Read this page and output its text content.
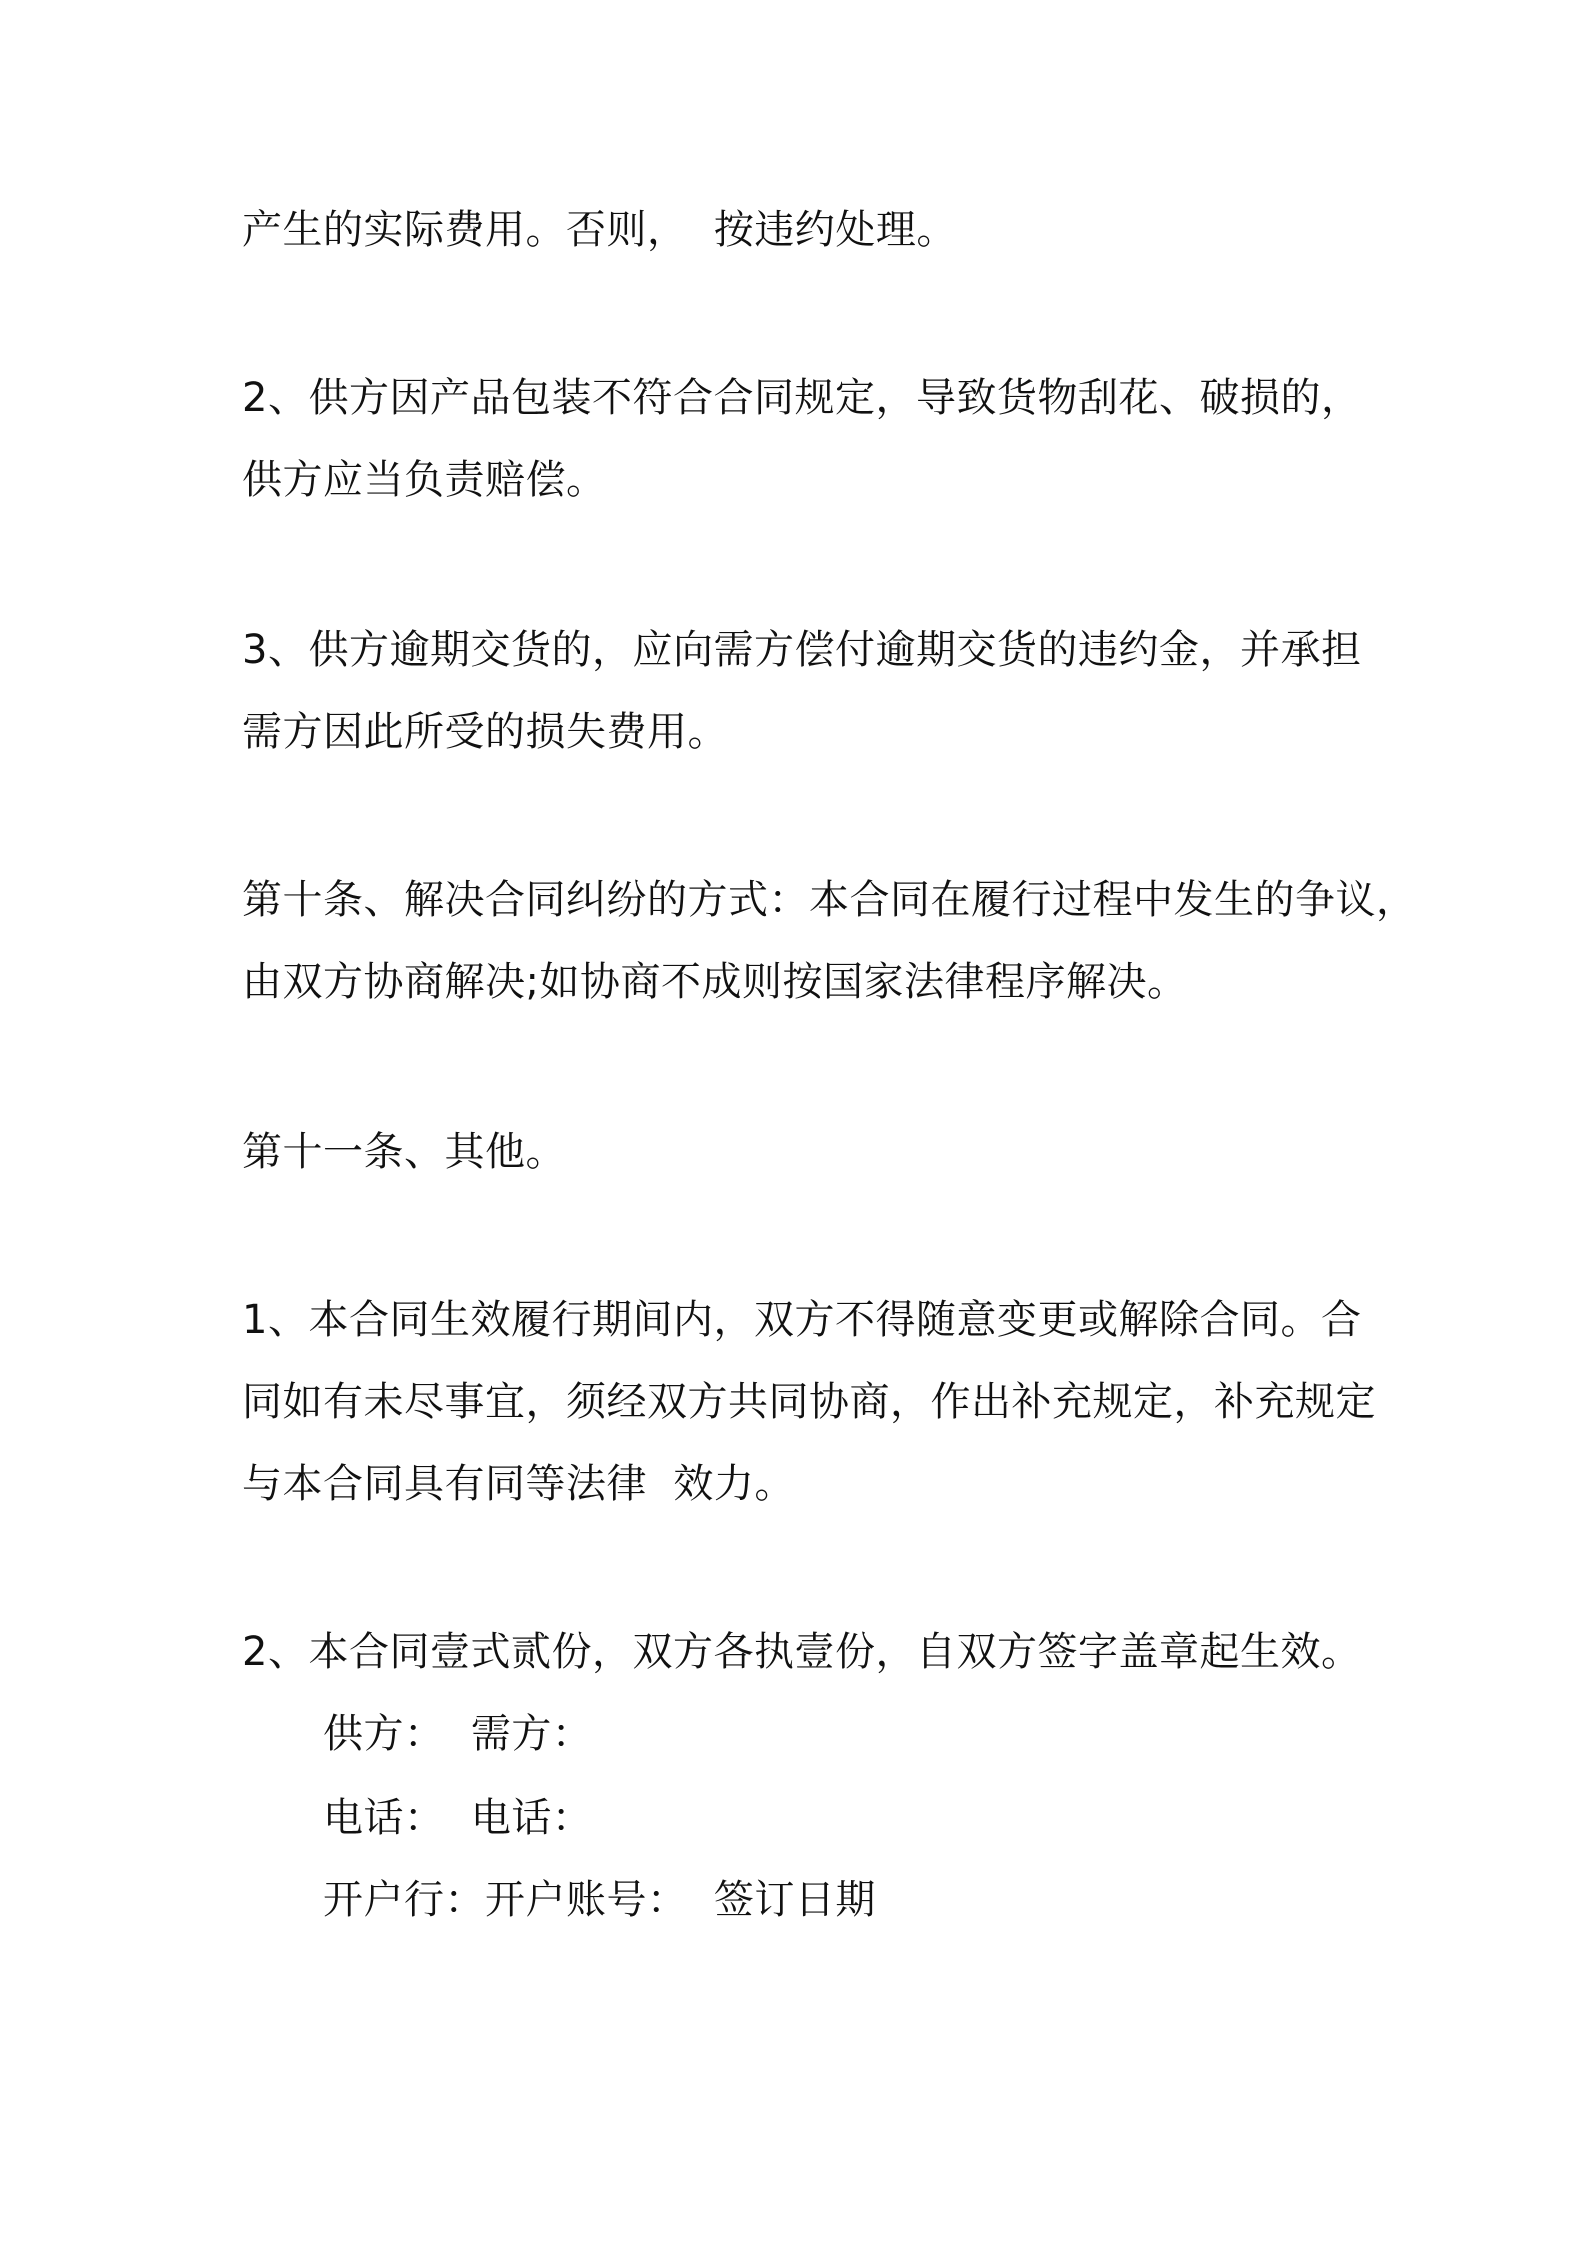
产生的实际费用。否则，  按违约处理。
2、供方因产品包装不符合合同规定，导致货物刮花、破损的，
供方应当负责赔偿。
3、供方逾期交货的，应向需方偿付逾期交货的违约金，并承担
需方因此所受的损失费用。
第十条、解决合同纠纷的方式：本合同在履行过程中发生的争议，
由双方协商解决;如协商不成则按国家法律程序解决。
第十一条、其他。
1、本合同生效履行期间内，双方不得随意变更或解除合同。合
同如有未尽事宜，须经双方共同协商，作出补充规定，补充规定
与本合同具有同等法律  效力。
2、本合同壹式贰份，双方各执壹份，自双方签字盖章起生效。
供方：  需方：
电话：  电话：
开户行：开户账号：  签订日期
